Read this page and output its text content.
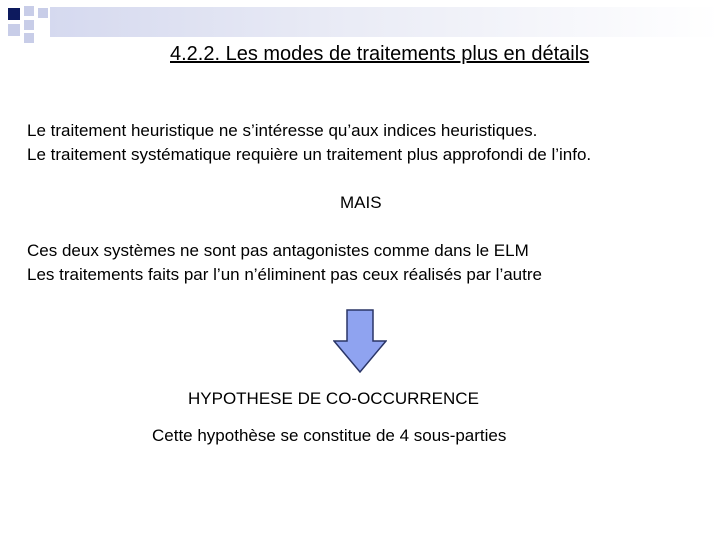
4.2.2. Les modes de traitements plus en détails
Le traitement heuristique ne s’intéresse qu’aux indices heuristiques.
Le traitement systématique requière un traitement plus approfondi de l’info.
MAIS
Ces deux systèmes ne sont pas antagonistes comme dans le ELM
Les traitements faits par l’un n’éliminent pas ceux réalisés par l’autre
HYPOTHESE DE CO-OCCURRENCE
Cette hypothèse se constitue de 4 sous-parties
